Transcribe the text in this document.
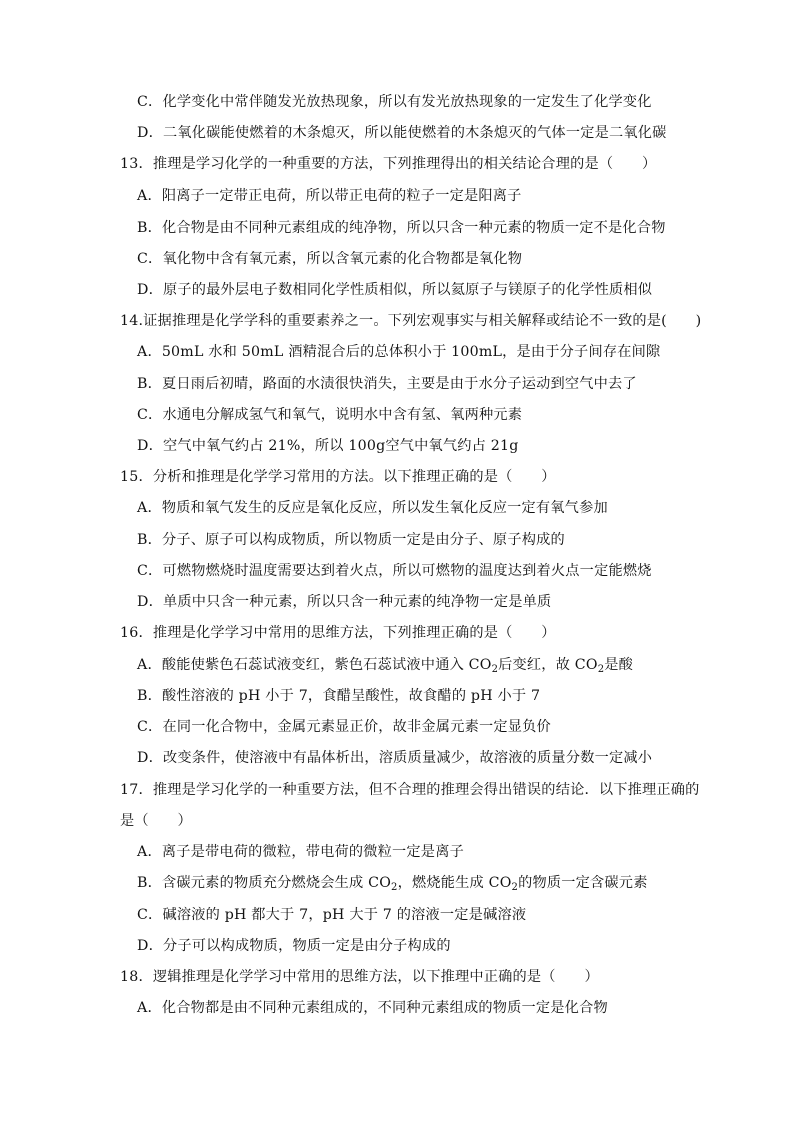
C．化学变化中常伴随发光放热现象，所以有发光放热现象的一定发生了化学变化
D．二氧化碳能使燃着的木条熄灭，所以能使燃着的木条熄灭的气体一定是二氧化碳
13．推理是学习化学的一种重要的方法，下列推理得出的相关结论合理的是（　　）
A．阳离子一定带正电荷，所以带正电荷的粒子一定是阳离子
B．化合物是由不同种元素组成的纯净物，所以只含一种元素的物质一定不是化合物
C．氧化物中含有氧元素，所以含氧元素的化合物都是氧化物
D．原子的最外层电子数相同化学性质相似，所以氦原子与镁原子的化学性质相似
14.证据推理是化学学科的重要素养之一。下列宏观事实与相关解释或结论不一致的是(　　)
A．50mL 水和 50mL 酒精混合后的总体积小于 100mL，是由于分子间存在间隙
B．夏日雨后初晴，路面的水渍很快消失，主要是由于水分子运动到空气中去了
C．水通电分解成氢气和氧气，说明水中含有氢、氧两种元素
D．空气中氧气约占 21%，所以 100g空气中氧气约占 21g
15．分析和推理是化学学习常用的方法。以下推理正确的是（　　）
A．物质和氧气发生的反应是氧化反应，所以发生氧化反应一定有氧气参加
B．分子、原子可以构成物质，所以物质一定是由分子、原子构成的
C．可燃物燃烧时温度需要达到着火点，所以可燃物的温度达到着火点一定能燃烧
D．单质中只含一种元素，所以只含一种元素的纯净物一定是单质
16．推理是化学学习中常用的思维方法，下列推理正确的是（　　）
A．酸能使紫色石蕊试液变红，紫色石蕊试液中通入 $CO_2$后变红，故 $CO_2$是酸
B．酸性溶液的 pH 小于 7，食醋呈酸性，故食醋的 pH 小于 7
C．在同一化合物中，金属元素显正价，故非金属元素一定显负价
D．改变条件，使溶液中有晶体析出，溶质质量减少，故溶液的质量分数一定减小
17．推理是学习化学的一种重要方法，但不合理的推理会得出错误的结论．以下推理正确的
是（　　）
A．离子是带电荷的微粒，带电荷的微粒一定是离子
B．含碳元素的物质充分燃烧会生成 $CO_2$，燃烧能生成 $CO_2$的物质一定含碳元素
C．碱溶液的 pH 都大于 7，pH 大于 7 的溶液一定是碱溶液
D．分子可以构成物质，物质一定是由分子构成的
18．逻辑推理是化学学习中常用的思维方法，以下推理中正确的是（　　）
A．化合物都是由不同种元素组成的，不同种元素组成的物质一定是化合物
